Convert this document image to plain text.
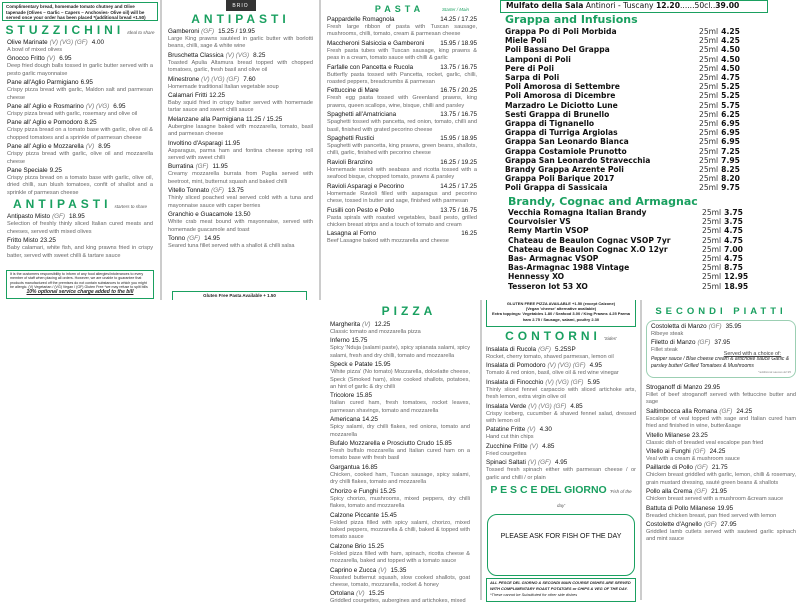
Complimentary bread, homemade tomato chutney and Olive tapenade (Olives – Garlic – Capers – Anchovies- Olive oil) will be served once your order has been placed *(additional bread +1.50)
STUZZICHINI Ideal to share
Olive Marinate (V) (VG) (GF) 4.00
A bowl of mixed olives
Gnocco Fritto (V) 6.95
Deep fried dough balls tossed in garlic butter served with a pesto garlic mayonnaise
Pane all'Aglio Parmigiano 6.95
Crispy pizza bread with garlic, Maldon salt and parmesan cheese
Pane all' Aglio e Rosmarino (V) (VG) 6.95
Crispy pizza bread with garlic, rosemary and olive oil
Pane all' Aglio e Pomodoro 8.25
Crispy pizza bread on a tomato base with garlic, olive oil & chopped tomatoes and a sprinkle of parmesan cheese
Pane all' Aglio e Mozzarella (V) 8.95
Crispy pizza bread with garlic, olive oil and mozzarella cheese
Pane Speciale 9.25
Crispy pizza bread on a tomato base with garlic, olive oil, dried chilli, sun blush tomatoes, confit of shallot and a sprinkle of parmesan cheese
ANTIPASTI starters to share
Antipasto Misto (GF) 18.95
Selection of freshly thinly sliced Italian cured meats and cheeses, served with mixed olives
Fritto Misto 23.25
Baby calamari, white fish, and king prawns fried in crispy batter, served with sweet chilli & tartare sauce
It is the customers responsibility to inform of any food allergies/intolerances to every member of staff when placing all orders. However, we are unable to guarantee that products manufactured off the premises do not contain substances to which you might be allergic. (V) Vegetarian / (VG) Vegan / (GF) Gluten Free *we may refuse to split bills
10% optional service charge added to the bill
BRIO
ANTIPASTI
Gamberoni (GF) 15.25 / 19.95
Large King prawns sautéed in garlic butter with borlotti beans, chilli, sage & white wine
Bruschetta Classica (V) (VG) 8.25
Toasted Apulia Altamura bread topped with chopped tomatoes, garlic, fresh basil and olive oil
Minestrone (V) (VG) (GF) 7.60
Homemade traditional Italian vegetable soup
Calamari Fritti 12.25
Baby squid fried in crispy batter served with homemade tartar sauce and sweet chilli sauce
Melanzane alla Parmigiana 11.25 / 15.25
Aubergine lasagne baked with mozzarella, tomato, basil and parmesan cheese
Involtino d'Asparagi 11.95
Asparagus, parma ham and fontina cheese spring roll served with sweet chilli
Burratina (GF) 11.95
Creamy mozzarella burrata from Puglia served with beetroot, mint, butternut squash and baked chilli
Vitello Tonnato (GF) 13.75
Thinly sliced poached veal served cold with a tuna and mayonnaise sauce with caper berries
Granchio e Guacamole 13.50
White crab meat bound with mayonnaise, served with homemade guacamole and toast
Tonno (GF) 14.95
Seared tuna fillet served with a shallot & chilli salsa
Gluten Free Pasta Available + 1.50
PASTA	Starter / Main
Pappardelle Romagnola	14.25 / 17.25
Fresh large ribbon of pasta with Tuscan sausage, mushrooms, chilli, tomato, cream & parmesan cheese
Maccheroni Salsiccia e Gamberoni	15.95 / 18.95
Fresh pasta tubes with Tuscan sausage, king prawns & peas in a cream, tomato sauce with chilli & garlic
Farfalle con Pancetta e Rucola	13.75 / 16.75
Butterfly pasta tossed with Pancetta, rocket, garlic, chilli, roasted peppers, breadcrumbs & parmesan
Fettuccine di Mare	16.75 / 20.25
Fresh egg pasta tossed with Greenland prawns, king prawns, queen scallops, wine, bisque, chilli and parsley
Spaghetti all'Amatriciana	13.75 / 16.75
Spaghetti tossed with pancetta, red onion, tomato, chilli and basil, finished with grated pecorino cheese
Spaghetti Rustici	15.95 / 18.95
Spaghetti with pancetta, king prawns, green beans, shallots, chilli, garlic, finished with pecorino cheese
Ravioli Branzino	16.25 / 19.25
Homemade ravioli with seabass and ricotta tossed with a seafood bisque, chopped tomato, prawns & parsley
Ravioli Asparagi e Pecorino	14.25 / 17.25
Homemade Ravioli filled with asparagus and pecorino chese, tossed in butter and sage, finished with parmesan
Fusilli con Pesto e Pollo	13.75 / 16.75
Pasta spirals with roasted vegetables, basil pesto, grilled chicken breast strips and a touch of tomato and cream
Lasagna al Forno	16.25
Beef Lasagne baked with mozzarella and cheese
Mulfato della Sala Antinori - Tuscany 12.20......50cl..39.00
Grappa and Infusions
Grappa Po di Poli Morbida	25ml 4.25
Miele Poli	25ml 4.25
Poli Bassano Del Grappa	25ml 4.50
Lamponi di Poli	25ml 4.50
Pere di Poli	25ml 4.50
Sarpa di Poli	25ml 4.75
Poli Amorosa di Settembre	25ml 5.25
Poli Amorosa di Dicembre	25ml 5.25
Marzadro Le Diciotto Lune	25ml 5.75
Sesti Grappa di Brunello	25ml 6.25
Grappa di Tignanello	25ml 6.95
Grappa di Turriga Argiolas	25ml 6.95
Grappa San Leonardo Bianca	25ml 6.95
Grappa Costamiole Prunotto	25ml 7.25
Grappa San Leonardo Stravecchia	25ml 7.95
Brandy Grappa Arzente Poli	25ml 8.25
Grappa Poli Barique 2017	25ml 8.20
Poli Grappa di Sassicaia	25ml 9.75
Brandy, Cognac and Armagnac
Vecchia Romagna Italian Brandy	25ml 3.75
Courvoisier VS	25ml 3.75
Remy Martin VSOP	25ml 4.75
Chateau de Beaulon Cognac VSOP 7yr	25ml 4.75
Chateau de Beaulon Cognac X.O 12yr	25ml 7.00
Bas- Armagnac VSOP	25ml 4.75
Bas-Armagnac 1988 Vintage	25ml 8.75
Hennessy XO	25ml 12.95
Tesseron lot 53 XO	25ml 18.95
PIZZA
Margherita (V) 12.25
Classic tomato and mozzarella pizza
Inferno 15.75
Spicy 'Nduja (salami paste), spicy spianata salami, spicy salami, fresh and dry chilli, tomato and mozzarella
Speck e Patate 15.95
'White pizza' (No tomato) Mozzarella, dolcelatte cheese, Speck (Smoked ham), slow cooked shallots, potatoes, an hint of garlic & dry chilli
Tricolore 15.85
Italian cured ham, fresh tomatoes, rocket leaves, parmesan shavings, tomato and mozzarella
Americana 14.25
Spicy salami, dry chilli flakes, red onions, tomato and mozzarella
Bufalo Mozzarella e Prosciutto Crudo 15.85
Fresh buffalo mozzarella and Italian cured ham on a tomato base with fresh basil
Gargantua 16.85
Chicken, cooked ham, Tuscan sausage, spicy salami, dry chilli flakes, tomato and mozzarella
Chorizo e Funghi 15.25
Spicy chorizo, mushrooms, mixed peppers, dry chilli flakes, tomato and mozzarella
Calzone Piccante 15.45
Folded pizza filled with spicy salami, chorizo, mixed baked peppers, mozzarella & chilli, baked & topped with tomato sauce
Calzone Brio 15.25
Folded pizza filled with ham, spinach, ricotta cheese & mozzarella, baked and topped with a tomato sauce
Caprino e Zucca (V) 15.35
Roasted butternut squash, slow cooked shallots, goat cheese, tomato, mozzarella, rocket & honey
Ortolana (V) 15.25
Griddled courgettes, aubergines and artichokes, mixed
GLUTEN FREE PIZZA AVAILABLE +1.50 (except Calzone)
(Vegan 'cheese' alternative available)
Extra toppings: Vegetables 1.80 / Seafood 3.00 / King Prawns 4.25 Parma ham 2.75 / Sausage, salami, poultry 2.30
CONTORNI 'Sides'
Insalata di Rucola (GF) 5.25SP
Rocket, cherry tomato, shaved parmesan, lemon oil
Insalata di Pomodoro (V) (VG) (GF) 4.95
Tomato & red onion, basil, olive oil & red wine vinegar
Insalata di Finocchio (V) (VG) (GF) 5.95
Thinly sliced fennel carpaccio with sliced artichoke arts, fresh lemon, extra virgin olive oil
Insalata Verde (V) (VG) (GF) 4.85
Crispy iceberg, cucumber & shaved fennel salad, dressed with lemon oil
Patatine Fritte (V) 4.30
Hand cut thin chips
Zucchine Fritte (V) 4.85
Fried courgettes
Spinaci Saltati (V) (GF) 4.95
Tossed fresh spinach either with parmesan cheese / or garlic and chilli / or plain
P E S C E DEL GIORNO 'Fish of the day'
PLEASE ASK FOR FISH OF THE DAY
ALL PESCE DEL GIORNO & SECONDI MAIN COURSE DISHES ARE SERVED WITH COMPLIMENTARY ROAST POTATOES or CHIPS & VEG OF THE DAY.
*These cannot be Substituted for other side dishes
SECONDI PIATTI
Costoletta di Manzo (GF) 35.95
Ribeye steak
Filetto di Manzo (GF) 37.95
Fillet steak
Served with a choice of:
Pepper sauce / Blue cheese cream & artichoke sauce Garlic & parsley butter/ Grilled Tomatoes & Mushrooms
*additional sauces £2.95
Stroganoff di Manzo 29.95
Fillet of beef stroganoff served with fettuccine butter and sage
Saltimbocca alla Romana (GF) 24.25
Escalope of veal topped with sage and Italian cured ham fried and finished in wine, butter&sage
Vitello Milanese 23.25
Classic dish of breaded veal escalope pan fried
Vitello ai Funghi (GF) 24.25
Veal with a cream & mushroom sauce
Paillarde di Pollo (GF) 21.75
Chicken breast griddled with garlic, lemon, chilli & rosemary, grain mustard dressing, sauté green beans & shallots
Pollo alla Crema (GF) 21.95
Chicken breast served with a mushroom &cream sauce
Battuta di Pollo Milanese 19.95
Breaded chicken breast, pan fried served with lemon
Costolette d'Agnello (GF) 27.95
Griddled lamb cutlets served with sauteed garlic spinach and mint sauce
